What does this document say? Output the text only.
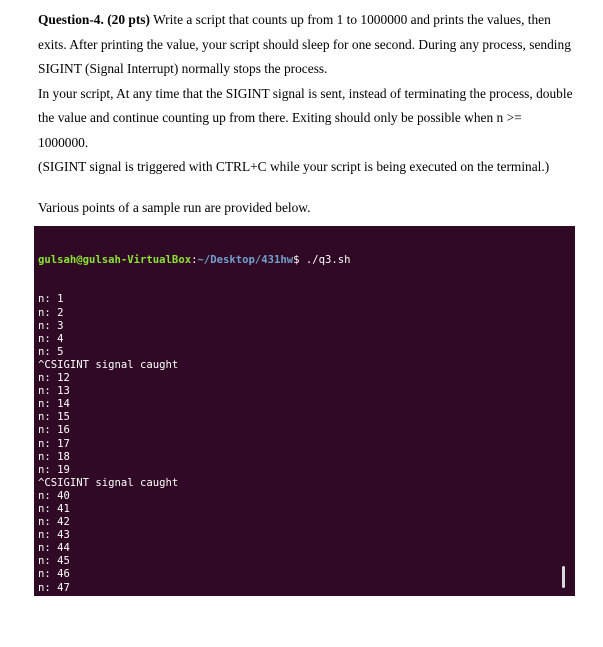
Question-4. (20 pts) Write a script that counts up from 1 to 1000000 and prints the values, then exits. After printing the value, your script should sleep for one second. During any process, sending SIGINT (Signal Interrupt) normally stops the process.

In your script, At any time that the SIGINT signal is sent, instead of terminating the process, double the value and continue counting up from there. Exiting should only be possible when n >= 1000000.

(SIGINT signal is triggered with CTRL+C while your script is being executed on the terminal.)

Various points of a sample run are provided below.

gulsah@gulsah-VirtualBox:~/Desktop/431hw$ ./q3.sh

n: 1
n: 2
n: 3
n: 4
n: 5
^CSIGINT signal caught
n: 12
n: 13
n: 14
n: 15
n: 16
n: 17
n: 18
n: 19
^CSIGINT signal caught
n: 40
n: 41
n: 42
n: 43
n: 44
n: 45
n: 46
n: 47
n: 48
^CSIGINT signal caught
n: 98
n: 99
